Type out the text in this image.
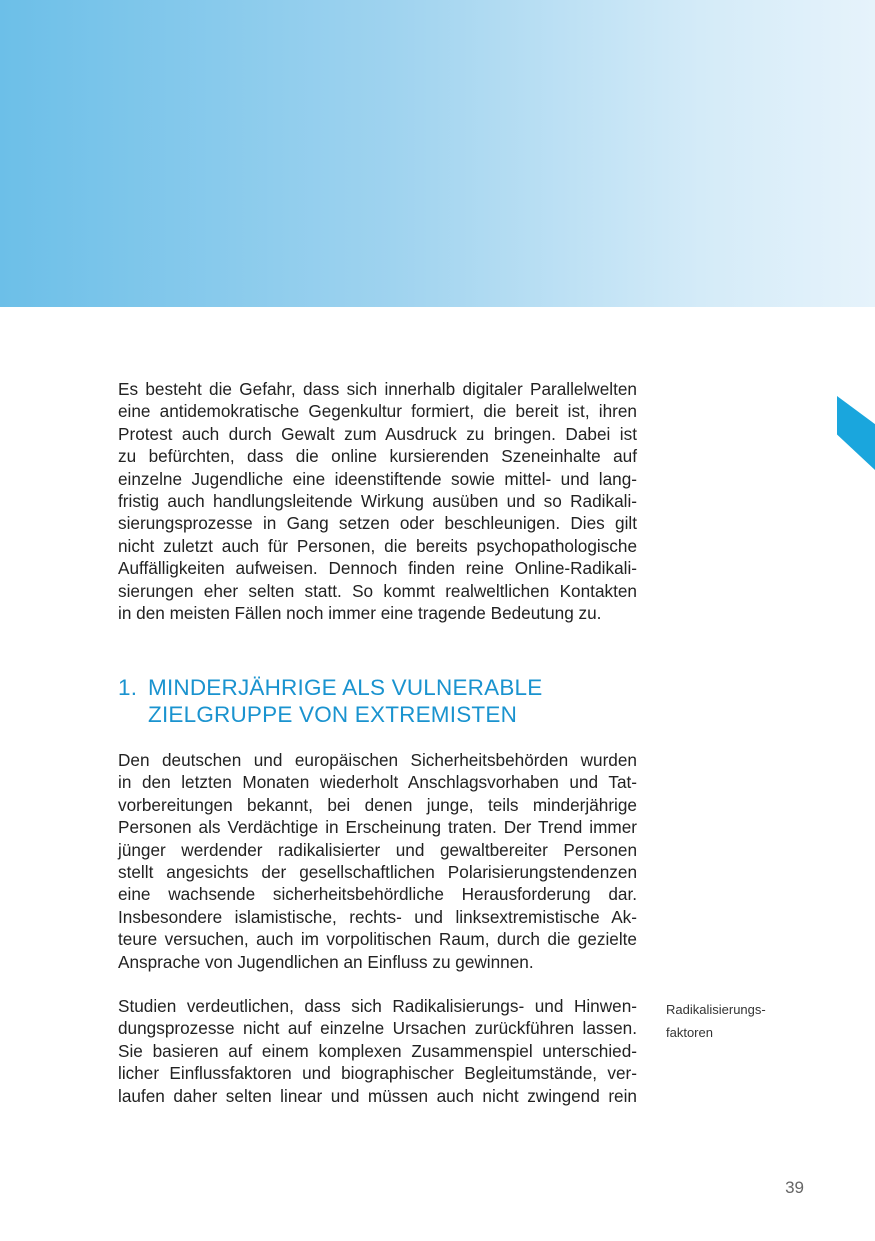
Es besteht die Gefahr, dass sich innerhalb digitaler Parallelwelten
eine antidemokratische Gegenkultur formiert, die bereit ist, ihren
Protest auch durch Gewalt zum Ausdruck zu bringen. Dabei ist
zu befürchten, dass die online kursierenden Szeneinhalte auf
einzelne Jugendliche eine ideenstiftende sowie mittel- und lang-
fristig auch handlungsleitende Wirkung ausüben und so Radikali-
sierungsprozesse in Gang setzen oder beschleunigen. Dies gilt
nicht zuletzt auch für Personen, die bereits psychopathologische
Auffälligkeiten aufweisen. Dennoch finden reine Online-Radikali-
sierungen eher selten statt. So kommt realweltlichen Kontakten
in den meisten Fällen noch immer eine tragende Bedeutung zu.

1. MINDERJÄHRIGE ALS VULNERABLE
ZIELGRUPPE VON EXTREMISTEN

Den deutschen und europäischen Sicherheitsbehörden wurden
in den letzten Monaten wiederholt Anschlagsvorhaben und Tat-
vorbereitungen bekannt, bei denen junge, teils minderjährige
Personen als Verdächtige in Erscheinung traten. Der Trend immer
jünger werdender radikalisierter und gewaltbereiter Personen
stellt angesichts der gesellschaftlichen Polarisierungstendenzen
eine wachsende sicherheitsbehördliche Herausforderung dar.
Insbesondere islamistische, rechts- und linksextremistische Ak-
teure versuchen, auch im vorpolitischen Raum, durch die gezielte
Ansprache von Jugendlichen an Einfluss zu gewinnen.

Studien verdeutlichen, dass sich Radikalisierungs- und Hinwen-
dungsprozesse nicht auf einzelne Ursachen zurückführen lassen.
Sie basieren auf einem komplexen Zusammenspiel unterschied-
licher Einflussfaktoren und biographischer Begleitumstände, ver-
laufen daher selten linear und müssen auch nicht zwingend rein

Radikalisierungs-
faktoren
39
